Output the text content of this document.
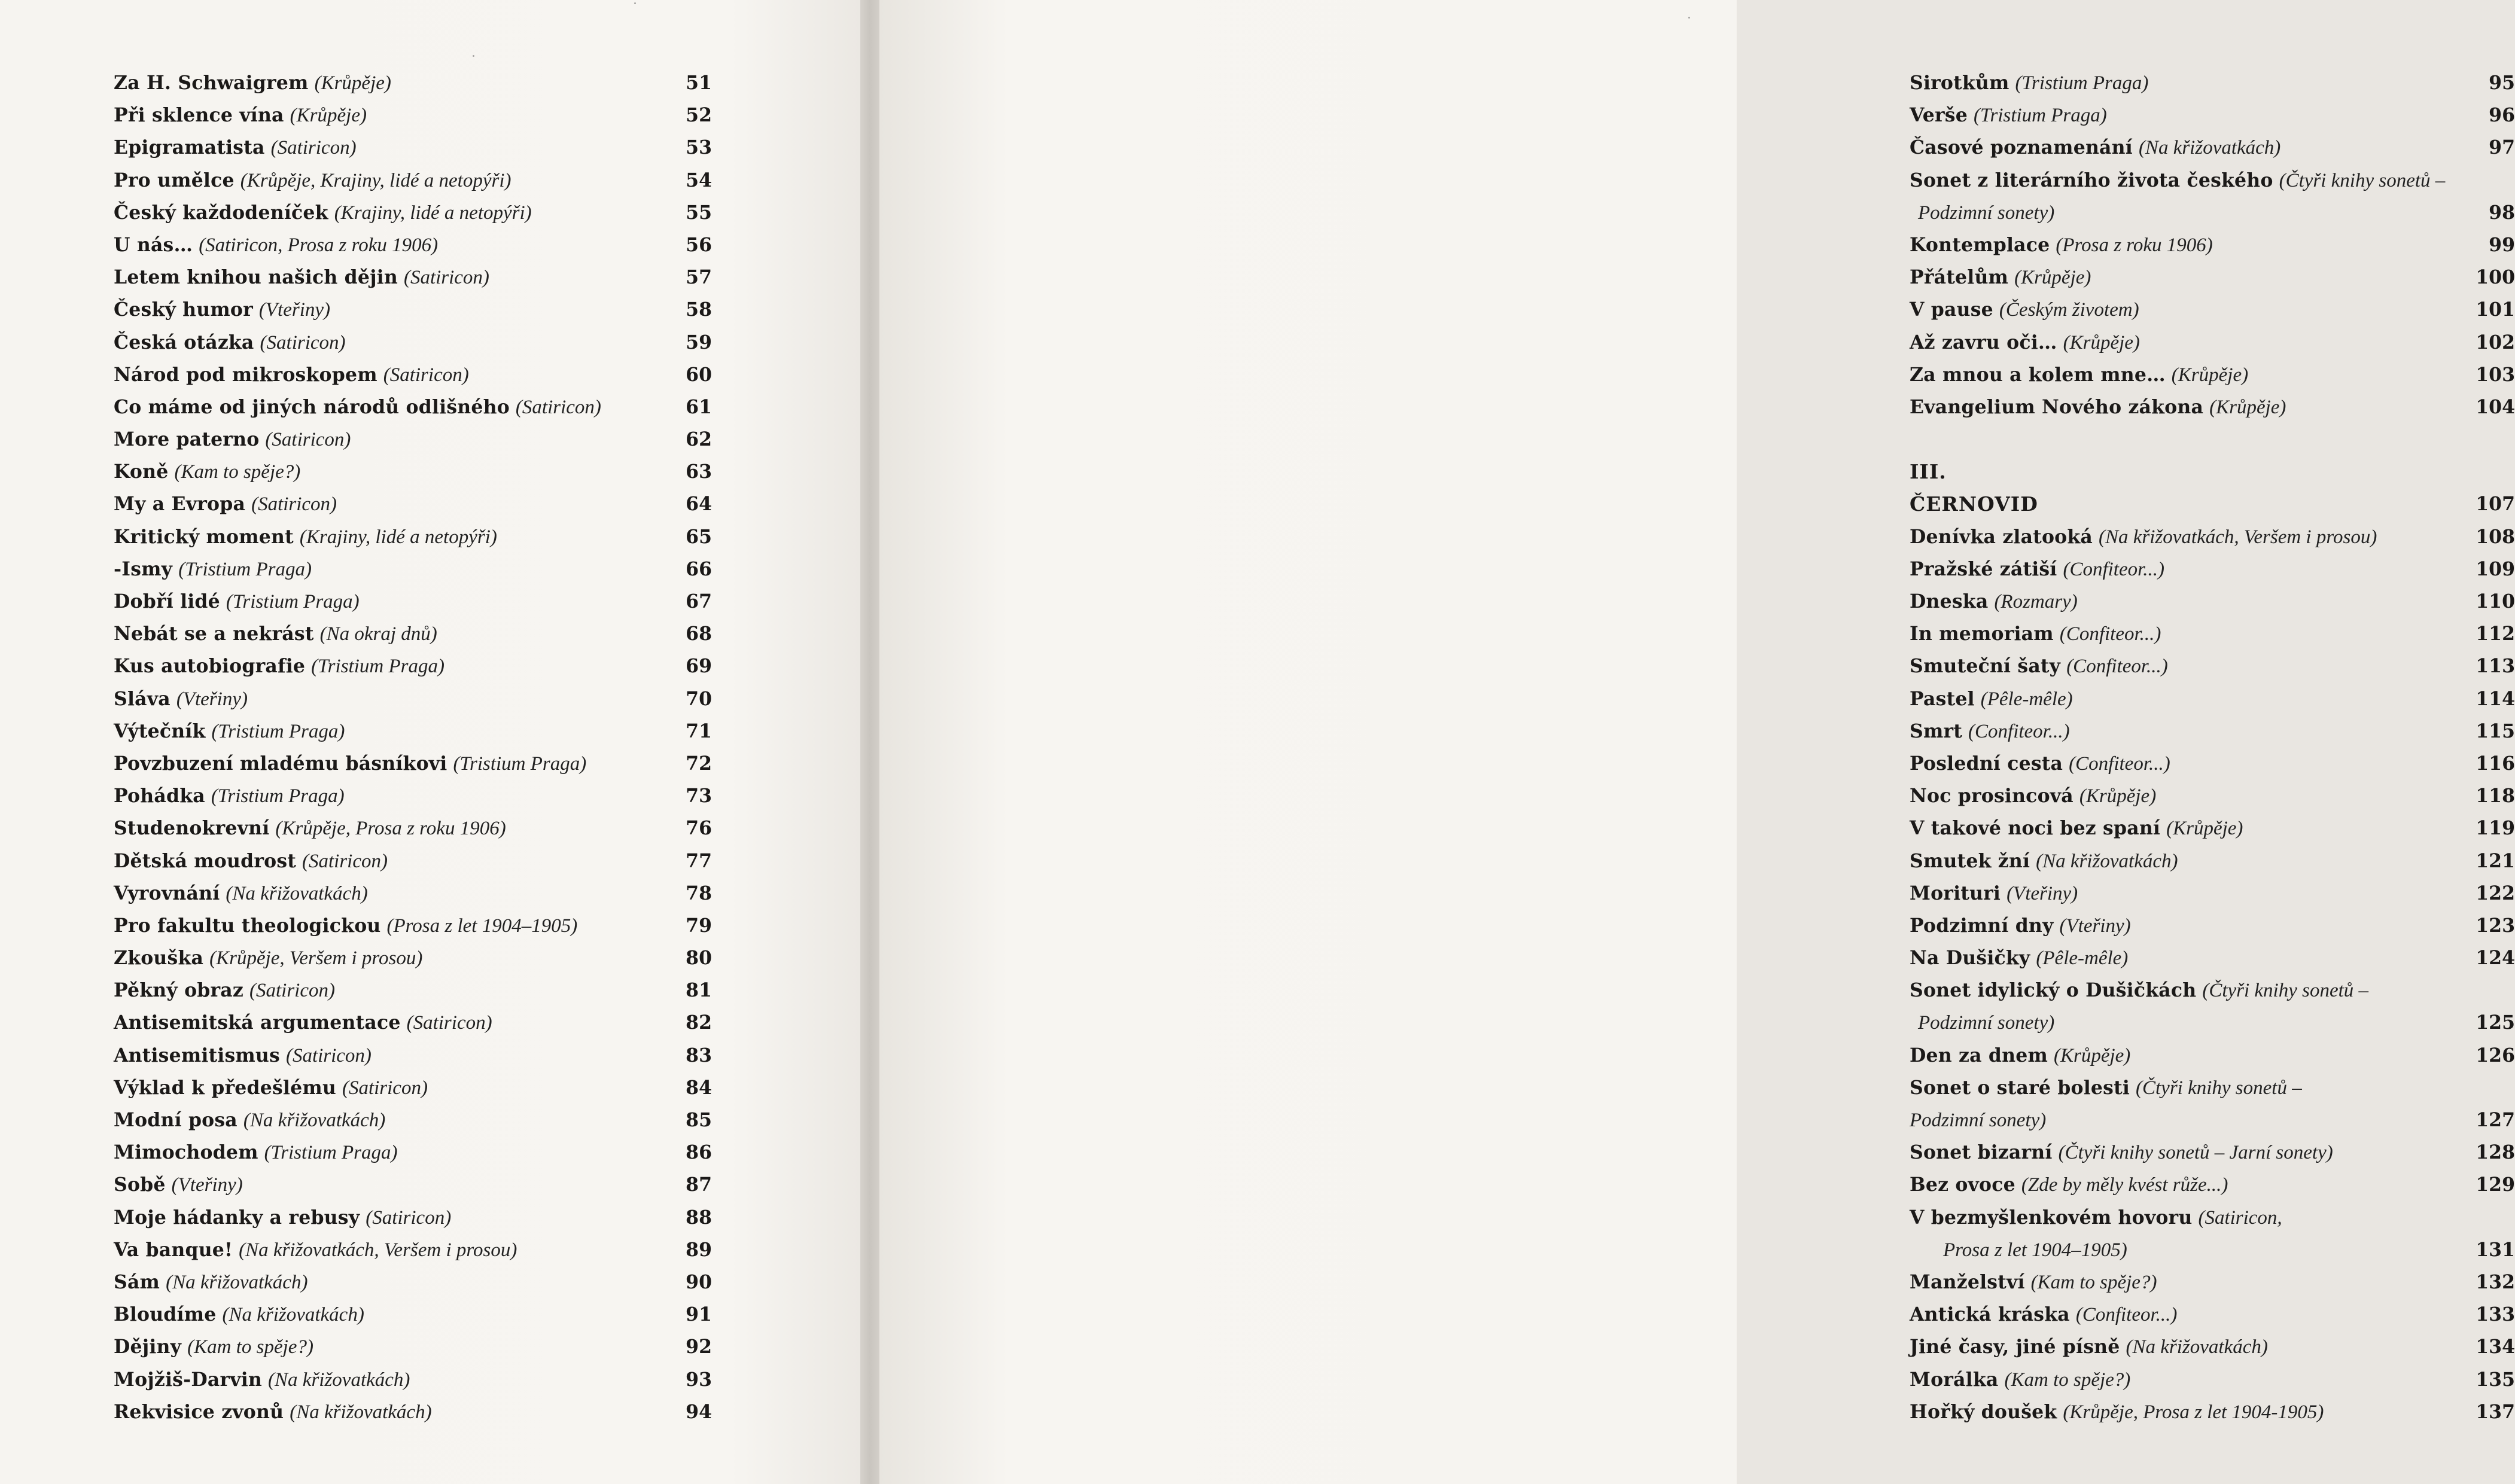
Za H. Schwaigrem (Krůpěje)	51
Při sklence vína (Krůpěje)	52
Epigramatista (Satiricon)	53
Pro umělce (Krůpěje, Krajiny, lidé a netopýři)	54
Český každodeníček (Krajiny, lidé a netopýři)	55
U nás… (Satiricon, Prosa z roku 1906)	56
Letem knihou našich dějin (Satiricon)	57
Český humor (Vteřiny)	58
Česká otázka (Satiricon)	59
Národ pod mikroskopem (Satiricon)	60
Co máme od jiných národů odlišného (Satiricon)	61
More paterno (Satiricon)	62
Koně (Kam to spěje?)	63
My a Evropa (Satiricon)	64
Kritický moment (Krajiny, lidé a netopýři)	65
-Ismy (Tristium Praga)	66
Dobří lidé (Tristium Praga)	67
Nebát se a nekrást (Na okraj dnů)	68
Kus autobiografie (Tristium Praga)	69
Sláva (Vteřiny)	70
Výtečník (Tristium Praga)	71
Povzbuzení mladému básníkovi (Tristium Praga)	72
Pohádka (Tristium Praga)	73
Studenokrevní (Krůpěje, Prosa z roku 1906)	76
Dětská moudrost (Satiricon)	77
Vyrovnání (Na křižovatkách)	78
Pro fakultu theologickou (Prosa z let 1904–1905)	79
Zkouška (Krůpěje, Veršem i prosou)	80
Pěkný obraz (Satiricon)	81
Antisemitská argumentace (Satiricon)	82
Antisemitismus (Satiricon)	83
Výklad k předešlému (Satiricon)	84
Modní posa (Na křižovatkách)	85
Mimochodem (Tristium Praga)	86
Sobě (Vteřiny)	87
Moje hádanky a rebusy (Satiricon)	88
Va banque! (Na křižovatkách, Veršem i prosou)	89
Sám (Na křižovatkách)	90
Bloudíme (Na křižovatkách)	91
Dějiny (Kam to spěje?)	92
Mojžiš-Darvin (Na křižovatkách)	93
Rekvisice zvonů (Na křižovatkách)	94
Sirotkům (Tristium Praga)	95
Verše (Tristium Praga)	96
Časové poznamenání (Na křižovatkách)	97
Sonet z literárního života českého (Čtyři knihy sonetů –
Podzimní sonety)	98
Kontemplace (Prosa z roku 1906)	99
Přátelům (Krůpěje)	100
V pause (Českým životem)	101
Až zavru oči… (Krůpěje)	102
Za mnou a kolem mne… (Krůpěje)	103
Evangelium Nového zákona (Krůpěje)	104
III.
ČERNOVID	107
Denívka zlatooká (Na křižovatkách, Veršem i prosou)	108
Pražské zátiší (Confiteor...)	109
Dneska (Rozmary)	110
In memoriam (Confiteor...)	112
Smuteční šaty (Confiteor...)	113
Pastel (Pêle-mêle)	114
Smrt (Confiteor...)	115
Poslední cesta (Confiteor...)	116
Noc prosincová (Krůpěje)	118
V takové noci bez spaní (Krůpěje)	119
Smutek žní (Na křižovatkách)	121
Morituri (Vteřiny)	122
Podzimní dny (Vteřiny)	123
Na Dušičky (Pêle-mêle)	124
Sonet idylický o Dušičkách (Čtyři knihy sonetů –
Podzimní sonety)	125
Den za dnem (Krůpěje)	126
Sonet o staré bolesti (Čtyři knihy sonetů –
Podzimní sonety)	127
Sonet bizarní (Čtyři knihy sonetů – Jarní sonety)	128
Bez ovoce (Zde by měly kvést růže...)	129
V bezmyšlenkovém hovoru (Satiricon,
Prosa z let 1904–1905)	131
Manželství (Kam to spěje?)	132
Antická kráska (Confiteor...)	133
Jiné časy, jiné písně (Na křižovatkách)	134
Morálka (Kam to spěje?)	135
Hořký doušek (Krůpěje, Prosa z let 1904-1905)	137
